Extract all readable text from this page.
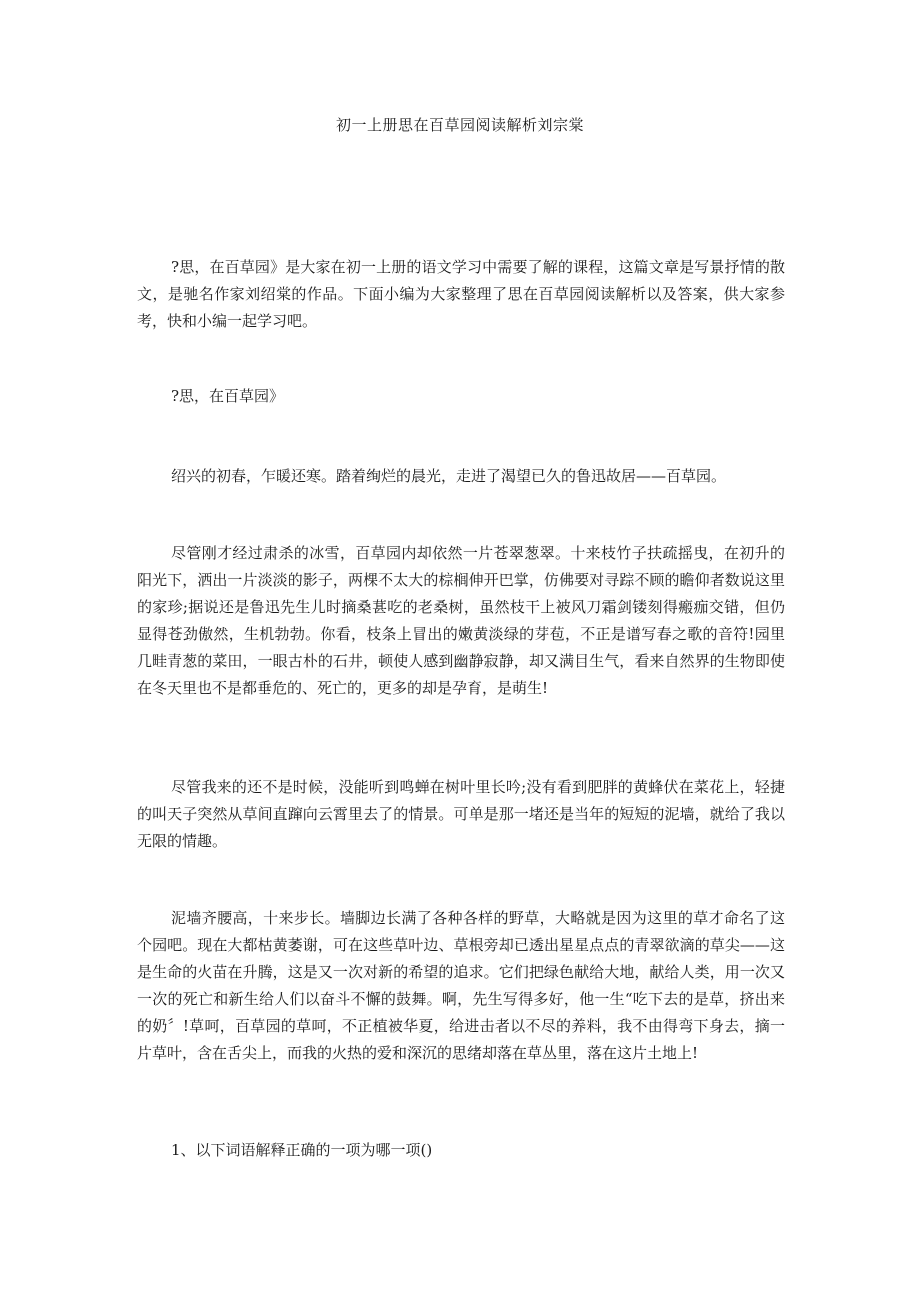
初一上册思在百草园阅读解析刘宗棠

?思，在百草园》是大家在初一上册的语文学习中需要了解的课程，这篇文章是写景抒情的散文，是驰名作家刘绍棠的作品。下面小编为大家整理了思在百草园阅读解析以及答案，供大家参考，快和小编一起学习吧。

?思，在百草园》

绍兴的初春，乍暖还寒。踏着绚烂的晨光，走进了渴望已久的鲁迅故居——百草园。

尽管刚才经过肃杀的冰雪，百草园内却依然一片苍翠葱翠。十来枝竹子扶疏摇曳，在初升的阳光下，洒出一片淡淡的影子，两棵不太大的棕榈伸开巴掌，仿佛要对寻踪不顾的瞻仰者数说这里的家珍;据说还是鲁迅先生儿时摘桑葚吃的老桑树，虽然枝干上被风刀霜剑镂刻得瘢痂交错，但仍显得苍劲傲然，生机勃勃。你看，枝条上冒出的嫩黄淡绿的芽苞，不正是谱写春之歌的音符!园里几畦青葱的菜田，一眼古朴的石井，顿使人感到幽静寂静，却又满目生气，看来自然界的生物即使在冬天里也不是都垂危的、死亡的，更多的却是孕育，是萌生!

尽管我来的还不是时候，没能听到鸣蝉在树叶里长吟;没有看到肥胖的黄蜂伏在菜花上，轻捷的叫天子突然从草间直蹿向云霄里去了的情景。可单是那一堵还是当年的短短的泥墙，就给了我以无限的情趣。

泥墙齐腰高，十来步长。墙脚边长满了各种各样的野草，大略就是因为这里的草才命名了这个园吧。现在大都枯黄萎谢，可在这些草叶边、草根旁却已透出星星点点的青翠欲滴的草尖——这是生命的火苗在升腾，这是又一次对新的希望的追求。它们把绿色献给大地，献给人类，用一次又一次的死亡和新生给人们以奋斗不懈的鼓舞。啊，先生写得多好，他一生“吃下去的是草，挤出来的奶〞!草呵，百草园的草呵，不正植被华夏，给进击者以不尽的养料，我不由得弯下身去，摘一片草叶，含在舌尖上，而我的火热的爱和深沉的思绪却落在草丛里，落在这片土地上!

1、以下词语解释正确的一项为哪一项()
